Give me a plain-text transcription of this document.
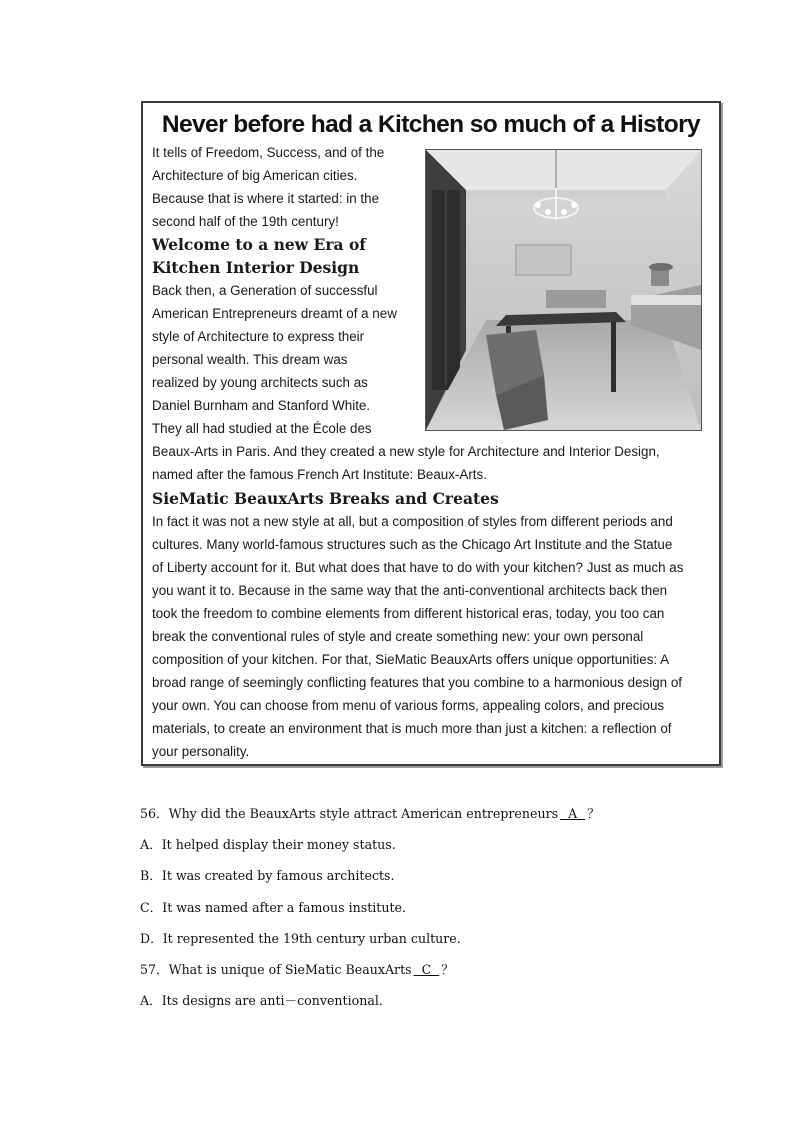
Never before had a Kitchen so much of a History
It tells of Freedom, Success, and of the
Architecture of big American cities.
Because that is where it started: in the
second half of the 19th century!
Welcome to a new Era of
Kitchen Interior Design
Back then, a Generation of successful
American Entrepreneurs dreamt of a new
style of Architecture to express their
personal wealth. This dream was
realized by young architects such as
Daniel Burnham and Stanford White.
They all had studied at the École des
Beaux-Arts in Paris. And they created a new style for Architecture and Interior Design,
named after the famous French Art Institute: Beaux-Arts.
SieMatic BeauxArts Breaks and Creates
In fact it was not a new style at all, but a composition of styles from different periods and
cultures. Many world-famous structures such as the Chicago Art Institute and the Statue
of Liberty account for it. But what does that have to do with your kitchen? Just as much as
you want it to. Because in the same way that the anti-conventional architects back then
took the freedom to combine elements from different historical eras, today, you too can
break the conventional rules of style and create something new: your own personal
composition of your kitchen. For that, SieMatic BeauxArts offers unique opportunities: A
broad range of seemingly conflicting features that you combine to a harmonious design of
your own. You can choose from menu of various forms, appealing colors, and precious
materials, to create an environment that is much more than just a kitchen: a reflection of
your personality.
56．Why did the BeauxArts style attract American entrepreneurs  A  ？
A．It helped display their money status.
B．It was created by famous architects.
C．It was named after a famous institute．
D．It represented the 19th century urban culture.
57．What is unique of SieMatic BeauxArts  C  ？
A．Its designs are anti－conventional．
